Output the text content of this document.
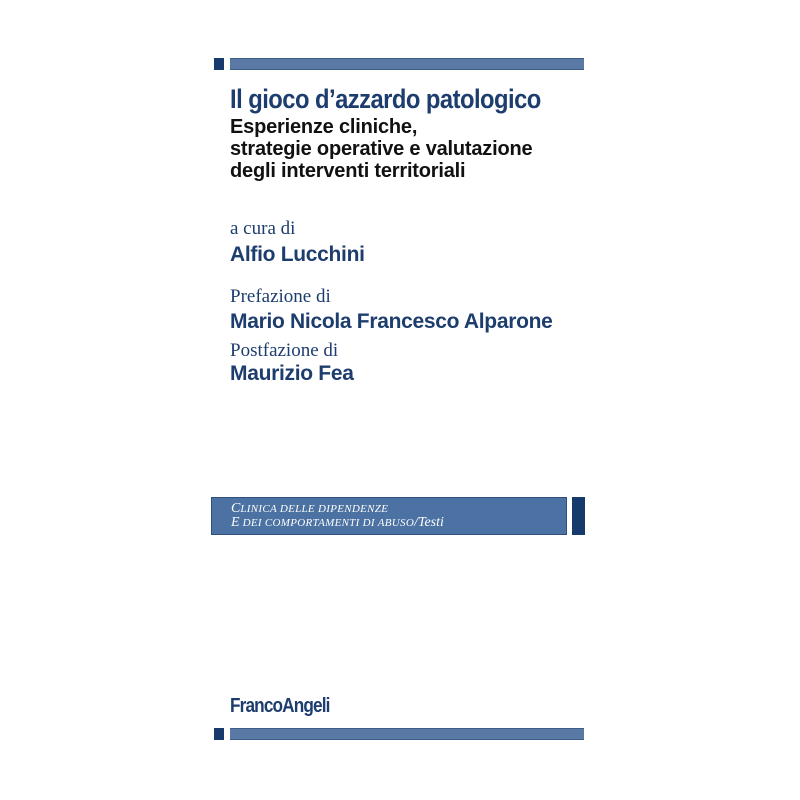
Il gioco d’azzardo patologico
Esperienze cliniche,
strategie operative e valutazione
degli interventi territoriali
a cura di
Alfio Lucchini
Prefazione di
Mario Nicola Francesco Alparone
Postfazione di
Maurizio Fea
CLINICA DELLE DIPENDENZE
E DEI COMPORTAMENTI DI ABUSO/Testi
FrancoAngeli
